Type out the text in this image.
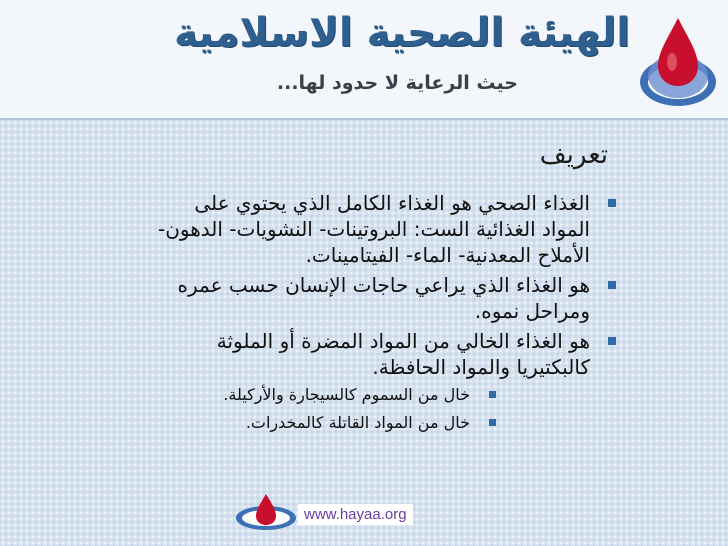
الهيئة الصحية الاسلامية
حيث الرعاية لا حدود لها...
تعريف
الغذاء الصحي هو الغذاء الكامل الذي يحتوي على المواد الغذائية الست: البروتينات- النشويات- الدهون-الأملاح المعدنية- الماء- الفيتامينات.
هو الغذاء الذي يراعي حاجات الإنسان حسب عمره ومراحل نموه.
هو الغذاء الخالي من المواد المضرة أو الملوثة كالبكتيريا والمواد الحافظة.
خال من السموم كالسيجارة والأركيلة.
خال من المواد القاتلة كالمخدرات.
www.hayaa.org
